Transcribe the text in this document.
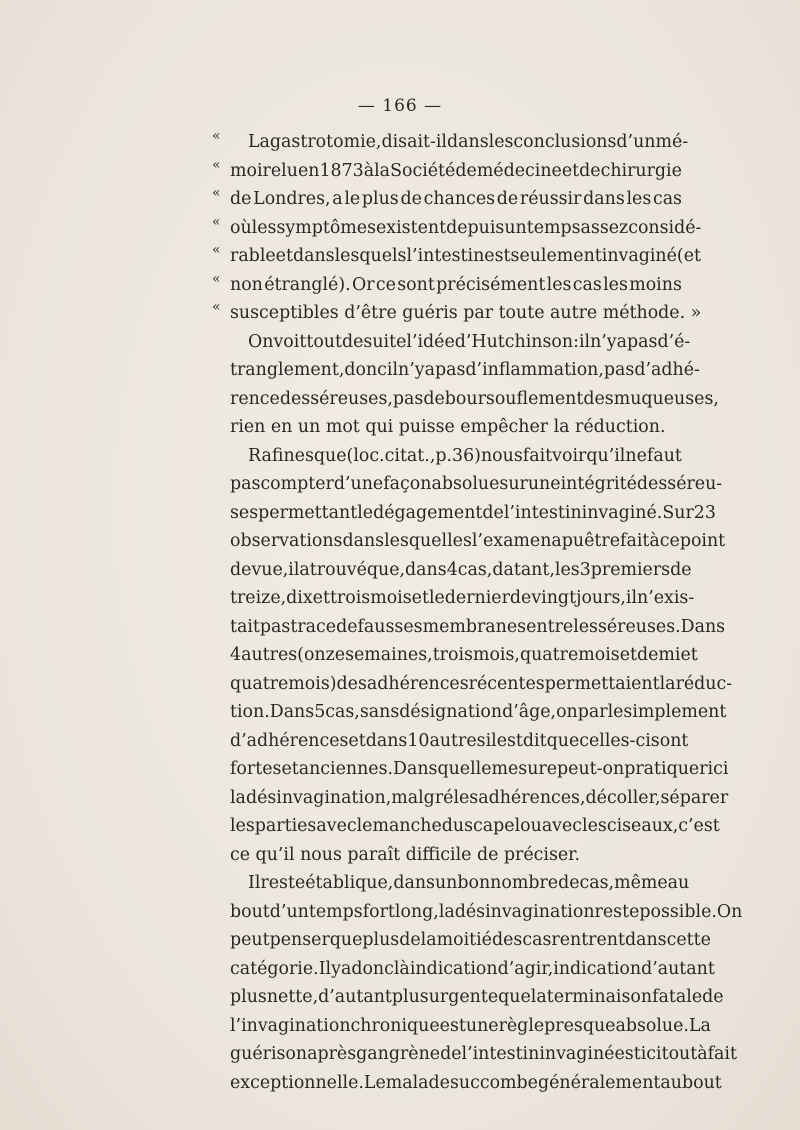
— 166 —
«	La gastrotomie, disait-il dans les conclusions d’un mé-
« moire lu en 1873 à la Société de médecine et de chirurgie
« de Londres, a le plus de chances de réussir dans les cas
« où les symptômes existent depuis un temps assez considé-
« rable et dans lesquels l’intestin est seulement invaginé (et
« non étranglé). Or ce sont précisément les cas les moins
« susceptibles d’être guéris par toute autre méthode. »
On voit tout de suite l’idée d’Hutchinson : il n’y a pas d’é-
tranglement, donc il n’y a pas d’inflammation, pas d’adhé-
rence des séreuses, pas de boursouflement des muqueuses,
rien en un mot qui puisse empêcher la réduction.
Rafinesque (loc. citat., p. 36) nous fait voir qu’il ne faut
pas compter d’une façon absolue sur une intégrité des séreu-
ses permettant le dégagement de l’intestin invaginé. Sur 23
observations dans lesquelles l’examen a pu être fait à ce point
de vue, il a trouvé que, dans 4 cas, datant, les 3 premiers de
treize, dix et trois mois et le dernier de vingt jours, il n’exis-
tait pas trace de fausses membranes entre les séreuses. Dans
4 autres (onze semaines, trois mois, quatre mois et demi et
quatre mois) des adhérences récentes permettaient la réduc-
tion. Dans 5 cas, sans désignation d’âge, on parle simplement
d’adhérences et dans 10 autres il est dit que celles-ci sont
fortes et anciennes. Dans quelle mesure peut-on pratiquer ici
la désinvagination, malgré les adhérences, décoller, séparer
les parties avec le manche du scapel ou avec les ciseaux, c’est
ce qu’il nous paraît difficile de préciser.
Il reste établi que, dans un bon nombre de cas, même au
bout d’un temps fort long, la désinvagination reste possible. On
peut penser que plus de la moitié des cas rentrent dans cette
catégorie. Il y a donc là indication d’agir, indication d’autant
plus nette, d’autant plus urgente que la terminaison fatale de
l’invagination chronique est une règle presque absolue. La
guérison après gangrène de l’intestin invaginé est ici tout à fait
exceptionnelle. Le malade succombe généralement au bout
